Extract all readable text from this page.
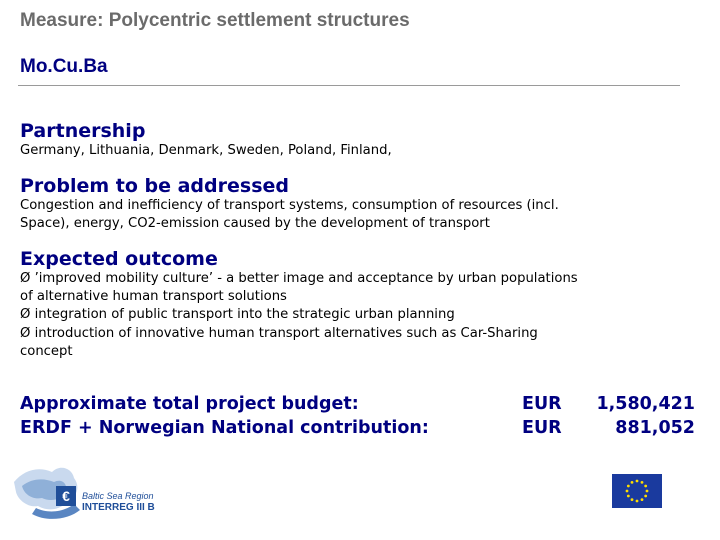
Measure: Polycentric settlement structures
Mo.Cu.Ba
Partnership

Germany, Lithuania, Denmark, Sweden, Poland, Finland,

Problem to be addressed

Congestion and inefficiency of transport systems, consumption of resources (incl.

Space), energy, CO2-emission caused by the development of transport

Expected outcome

Ø ’improved mobility culture’ - a better image and acceptance by urban populations

of alternative human transport solutions

Ø integration of public transport into the strategic urban planning

Ø introduction of innovative human transport alternatives such as Car-Sharing

concept

Approximate total project budget:
ERDF + Norwegian National contribution:
EUR
EUR
1,580,421
881,052
€ Baltic Sea Region
INTERREG III B
